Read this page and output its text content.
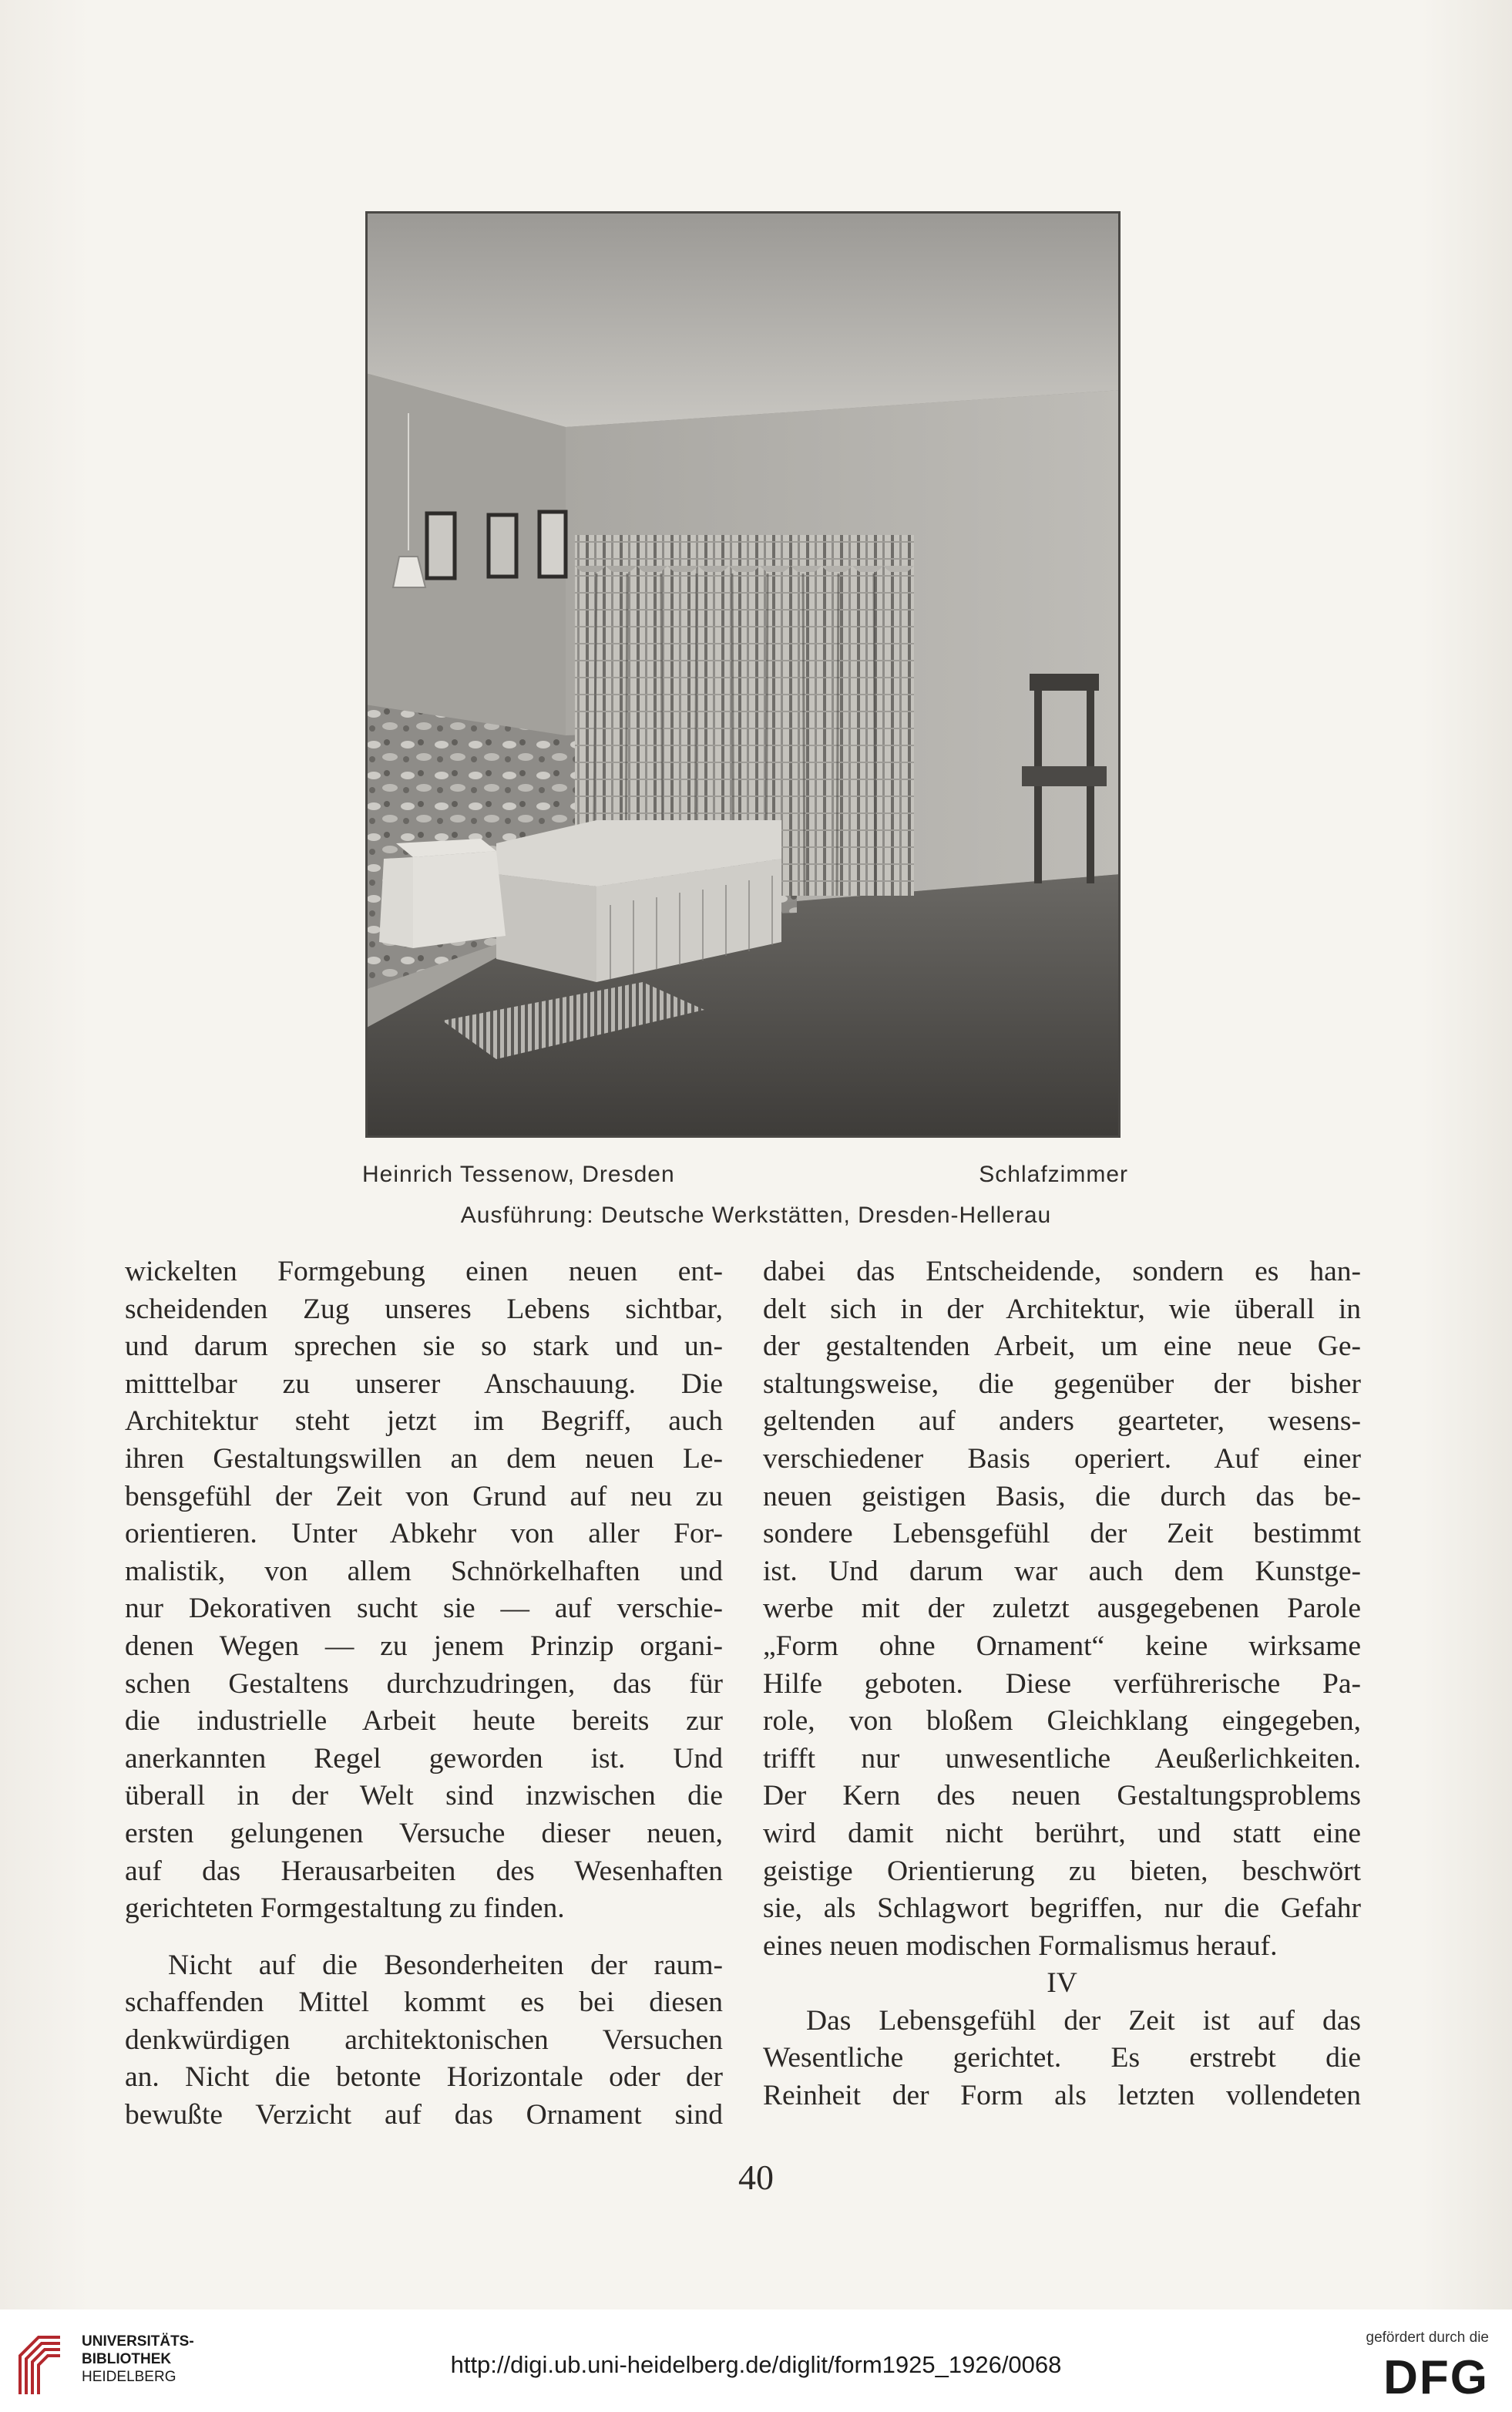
Heinrich Tessenow, Dresden	Schlafzimmer
Ausführung: Deutsche Werkstätten, Dresden-Hellerau

wickelten Formgebung einen neuen ent-
scheidenden Zug unseres Lebens sichtbar,
und darum sprechen sie so stark und un-
mitttelbar zu unserer Anschauung. Die
Architektur steht jetzt im Begriff, auch
ihren Gestaltungswillen an dem neuen Le-
bensgefühl der Zeit von Grund auf neu zu
orientieren. Unter Abkehr von aller For-
malistik, von allem Schnörkelhaften und
nur Dekorativen sucht sie — auf verschie-
denen Wegen — zu jenem Prinzip organi-
schen Gestaltens durchzudringen, das für
die industrielle Arbeit heute bereits zur
anerkannten Regel geworden ist. Und
überall in der Welt sind inzwischen die
ersten gelungenen Versuche dieser neuen,
auf das Herausarbeiten des Wesenhaften
gerichteten Formgestaltung zu finden.

Nicht auf die Besonderheiten der raum-
schaffenden Mittel kommt es bei diesen
denkwürdigen architektonischen Versuchen
an. Nicht die betonte Horizontale oder der
bewußte Verzicht auf das Ornament sind

dabei das Entscheidende, sondern es han-
delt sich in der Architektur, wie überall in
der gestaltenden Arbeit, um eine neue Ge-
staltungsweise, die gegenüber der bisher
geltenden auf anders gearteter, wesens-
verschiedener Basis operiert. Auf einer
neuen geistigen Basis, die durch das be-
sondere Lebensgefühl der Zeit bestimmt
ist. Und darum war auch dem Kunstge-
werbe mit der zuletzt ausgegebenen Parole
„Form ohne Ornament“ keine wirksame
Hilfe geboten. Diese verführerische Pa-
role, von bloßem Gleichklang eingegeben,
trifft nur unwesentliche Aeußerlichkeiten.
Der Kern des neuen Gestaltungsproblems
wird damit nicht berührt, und statt eine
geistige Orientierung zu bieten, beschwört
sie, als Schlagwort begriffen, nur die Gefahr
eines neuen modischen Formalismus herauf.

IV

Das Lebensgefühl der Zeit ist auf das
Wesentliche gerichtet. Es erstrebt die
Reinheit der Form als letzten vollendeten

40
UNIVERSITÄTS-
BIBLIOTHEK
HEIDELBERG	http://digi.ub.uni-heidelberg.de/diglit/form1925_1926/0068
gefördert durch die
DFG
